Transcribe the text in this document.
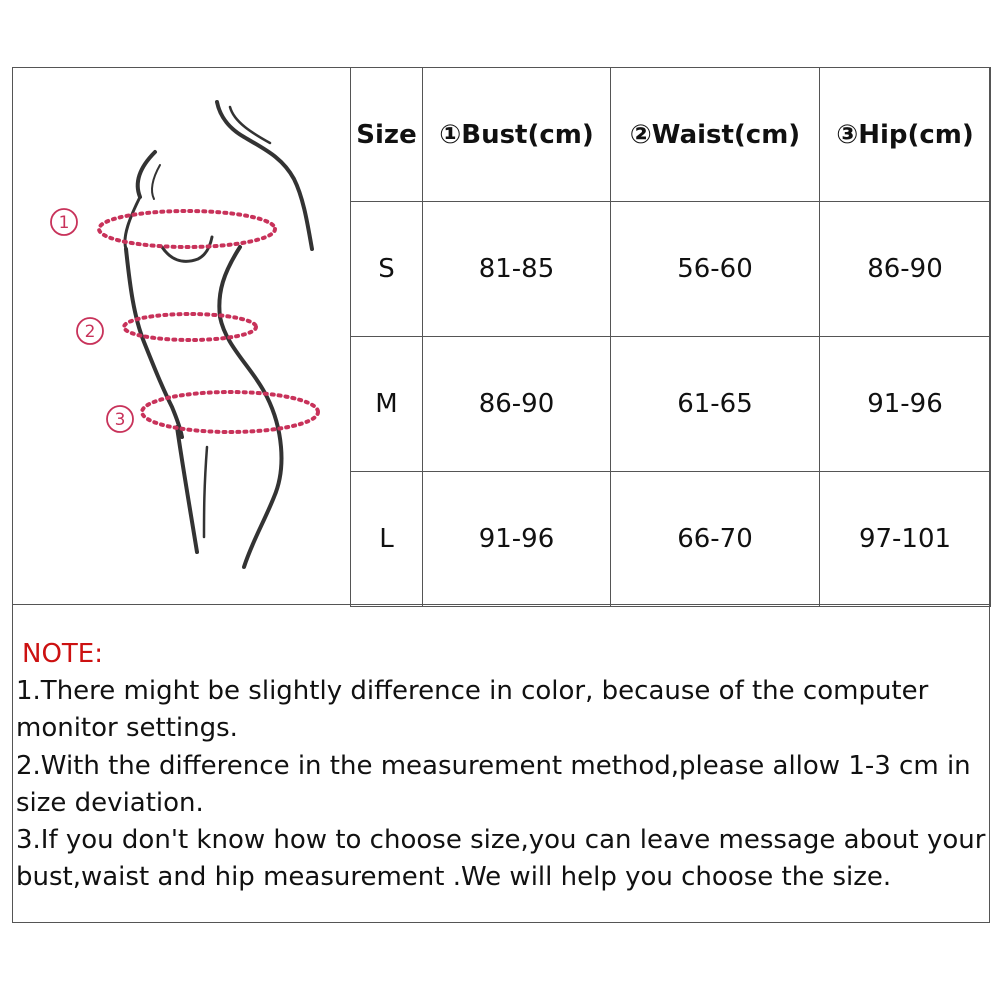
1
2
3
Size	①Bust(cm)	②Waist(cm)	③Hip(cm)
S	81-85	56-60	86-90
M	86-90	61-65	91-96
L	91-96	66-70	97-101
NOTE:
1.There might be slightly difference in color, because of the computer monitor settings.
2.With the difference in the measurement method,please allow 1-3 cm in size deviation.
3.If you don't know how to choose size,you can leave message about your bust,waist and hip measurement .We will help you choose the size.
